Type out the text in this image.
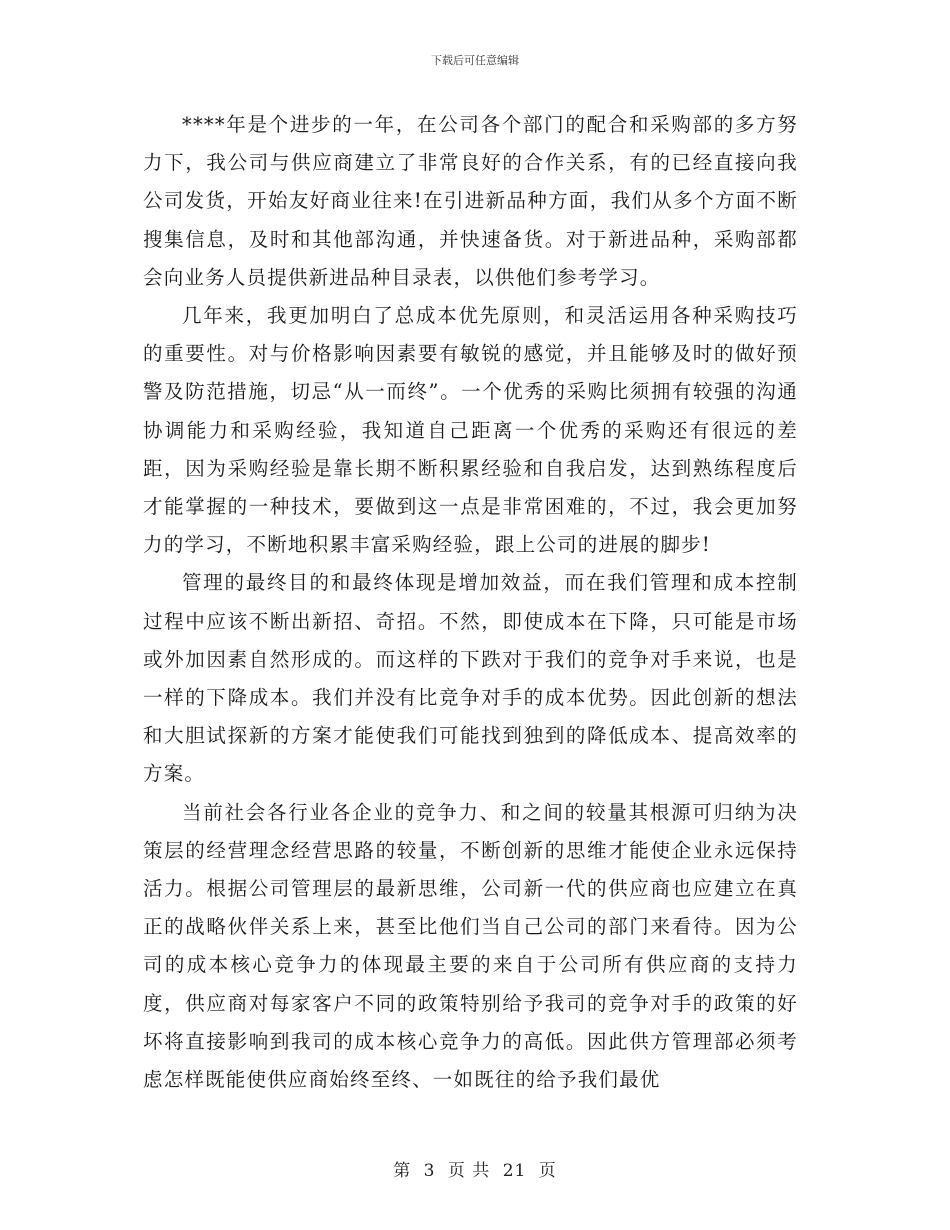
下载后可任意编辑

****年是个进步的一年，在公司各个部门的配合和采购部的多方努力下，我公司与供应商建立了非常良好的合作关系，有的已经直接向我公司发货，开始友好商业往来!在引进新品种方面，我们从多个方面不断搜集信息，及时和其他部沟通，并快速备货。对于新进品种，采购部都会向业务人员提供新进品种目录表，以供他们参考学习。

几年来，我更加明白了总成本优先原则，和灵活运用各种采购技巧的重要性。对与价格影响因素要有敏锐的感觉，并且能够及时的做好预警及防范措施，切忌“从一而终”。一个优秀的采购比须拥有较强的沟通协调能力和采购经验，我知道自己距离一个优秀的采购还有很远的差距，因为采购经验是靠长期不断积累经验和自我启发，达到熟练程度后才能掌握的一种技术，要做到这一点是非常困难的，不过，我会更加努力的学习，不断地积累丰富采购经验，跟上公司的进展的脚步!

管理的最终目的和最终体现是增加效益，而在我们管理和成本控制过程中应该不断出新招、奇招。不然，即使成本在下降，只可能是市场或外加因素自然形成的。而这样的下跌对于我们的竞争对手来说，也是一样的下降成本。我们并没有比竞争对手的成本优势。因此创新的想法和大胆试探新的方案才能使我们可能找到独到的降低成本、提高效率的方案。

当前社会各行业各企业的竞争力、和之间的较量其根源可归纳为决策层的经营理念经营思路的较量，不断创新的思维才能使企业永远保持活力。根据公司管理层的最新思维，公司新一代的供应商也应建立在真正的战略伙伴关系上来，甚至比他们当自己公司的部门来看待。因为公司的成本核心竞争力的体现最主要的来自于公司所有供应商的支持力度，供应商对每家客户不同的政策特别给予我司的竞争对手的政策的好坏将直接影响到我司的成本核心竞争力的高低。因此供方管理部必须考虑怎样既能使供应商始终至终、一如既往的给予我们最优

第 3 页 共 21 页
